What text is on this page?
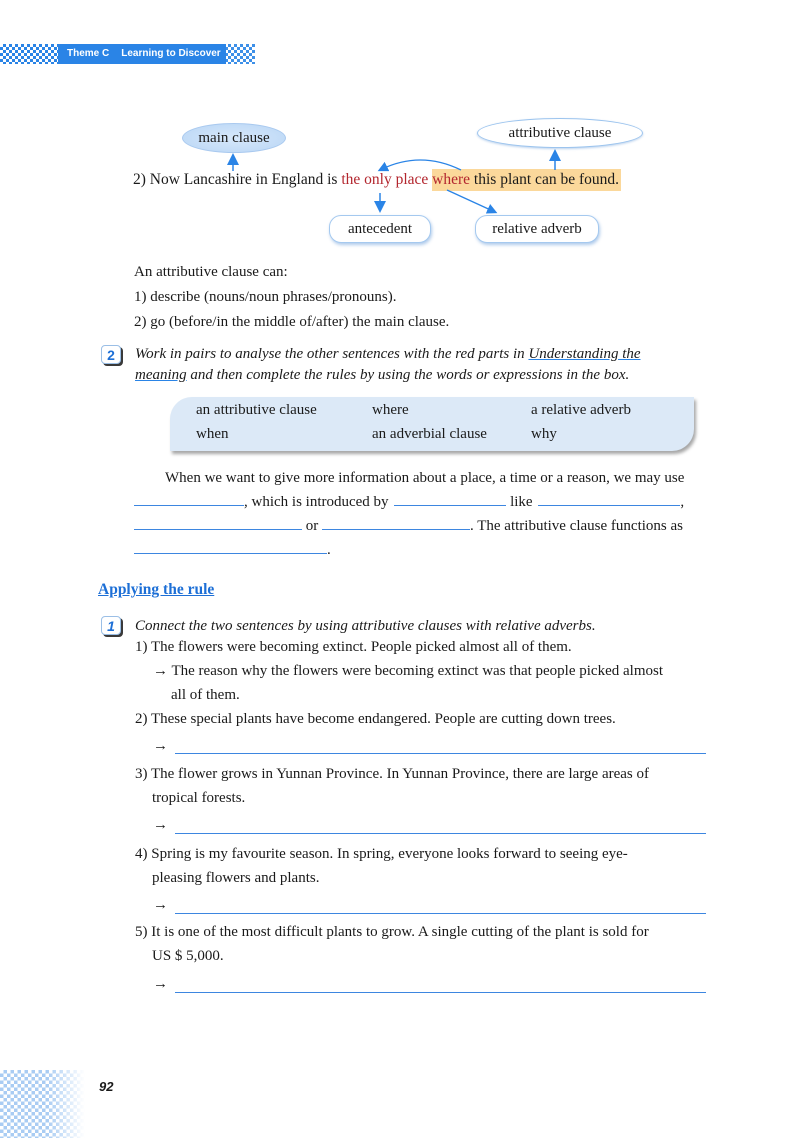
Theme C Learning to Discover
main clause	attributive clause
2) Now Lancashire in England is the only place where this plant can be found.
antecedent	relative adverb
An attributive clause can:
1) describe (nouns/noun phrases/pronouns).
2) go (before/in the middle of/after) the main clause.
2	Work in pairs to analyse the other sentences with the red parts in Understanding the
meaning and then complete the rules by using the words or expressions in the box.
an attributive clause	where	a relative adverb
when	an adverbial clause	why
When we want to give more information about a place, a time or a reason, we may use
, which is introduced by	like	,
or	. The attributive clause functions as
.
Applying the rule
1	Connect the two sentences by using attributive clauses with relative adverbs.
1) The flowers were becoming extinct. People picked almost all of them.
→ The reason why the flowers were becoming extinct was that people picked almost
all of them.
2) These special plants have become endangered. People are cutting down trees.
→
3) The flower grows in Yunnan Province. In Yunnan Province, there are large areas of
tropical forests.
→
4) Spring is my favourite season. In spring, everyone looks forward to seeing eye-
pleasing flowers and plants.
→
5) It is one of the most difficult plants to grow. A single cutting of the plant is sold for
US $ 5,000.
→
92
